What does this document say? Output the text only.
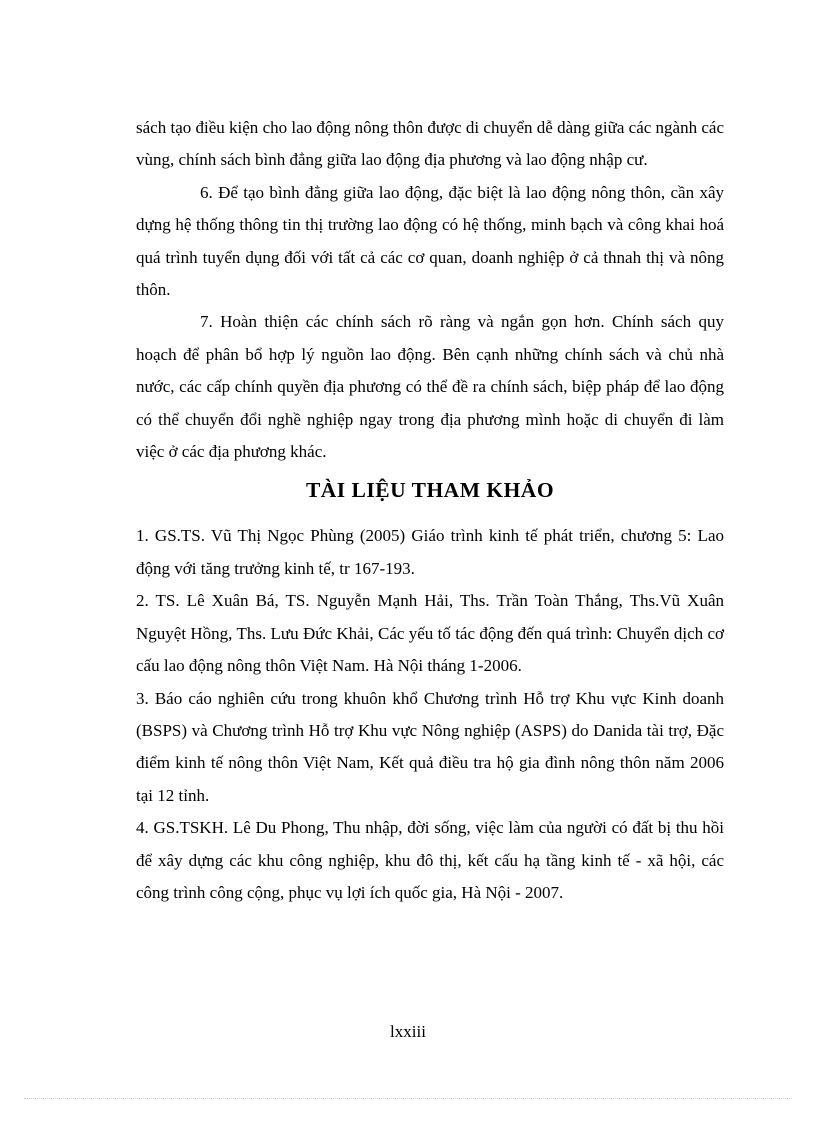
sách tạo điều kiện cho lao động nông thôn được di chuyển dễ dàng giữa các ngành các vùng, chính sách bình đẳng giữa lao động địa phương và lao động nhập cư.

6. Để tạo bình đẳng giữa lao động, đặc biệt là lao động nông thôn, cần xây dựng hệ thống thông tin thị trường lao động có hệ thống, minh bạch và công khai hoá quá trình tuyển dụng đối với tất cả các cơ quan, doanh nghiệp ở cả thnah thị và nông thôn.

7. Hoàn thiện các chính sách rõ ràng và ngắn gọn hơn. Chính sách quy hoạch để phân bổ hợp lý nguồn lao động. Bên cạnh những chính sách và chủ nhà nước, các cấp chính quyền địa phương có thể đề ra chính sách, biệp pháp để lao động có thể chuyển đổi nghề nghiệp ngay trong địa phương mình hoặc di chuyển đi làm việc ở các địa phương khác.

TÀI LIỆU THAM KHẢO

1. GS.TS. Vũ Thị Ngọc Phùng (2005) Giáo trình kinh tế phát triển, chương 5: Lao động với tăng trưởng kinh tế, tr 167-193.

2. TS. Lê Xuân Bá, TS. Nguyễn Mạnh Hải, Ths. Trần Toàn Thắng, Ths.Vũ Xuân Nguyệt Hồng, Ths. Lưu Đức Khải, Các yếu tố tác động đến quá trình: Chuyển dịch cơ cấu lao động nông thôn Việt Nam. Hà Nội tháng 1-2006.

3. Báo cáo nghiên cứu trong khuôn khổ Chương trình Hỗ trợ Khu vực Kinh doanh (BSPS) và Chương trình Hỗ trợ Khu vực Nông nghiệp (ASPS) do Danida tài trợ, Đặc điểm kinh tế nông thôn Việt Nam, Kết quả điều tra hộ gia đình nông thôn năm 2006 tại 12 tỉnh.

4. GS.TSKH. Lê Du Phong, Thu nhập, đời sống, việc làm của người có đất bị thu hồi để xây dựng các khu công nghiệp, khu đô thị, kết cấu hạ tầng kinh tế - xã hội, các công trình công cộng, phục vụ lợi ích quốc gia, Hà Nội - 2007.

lxxiii
